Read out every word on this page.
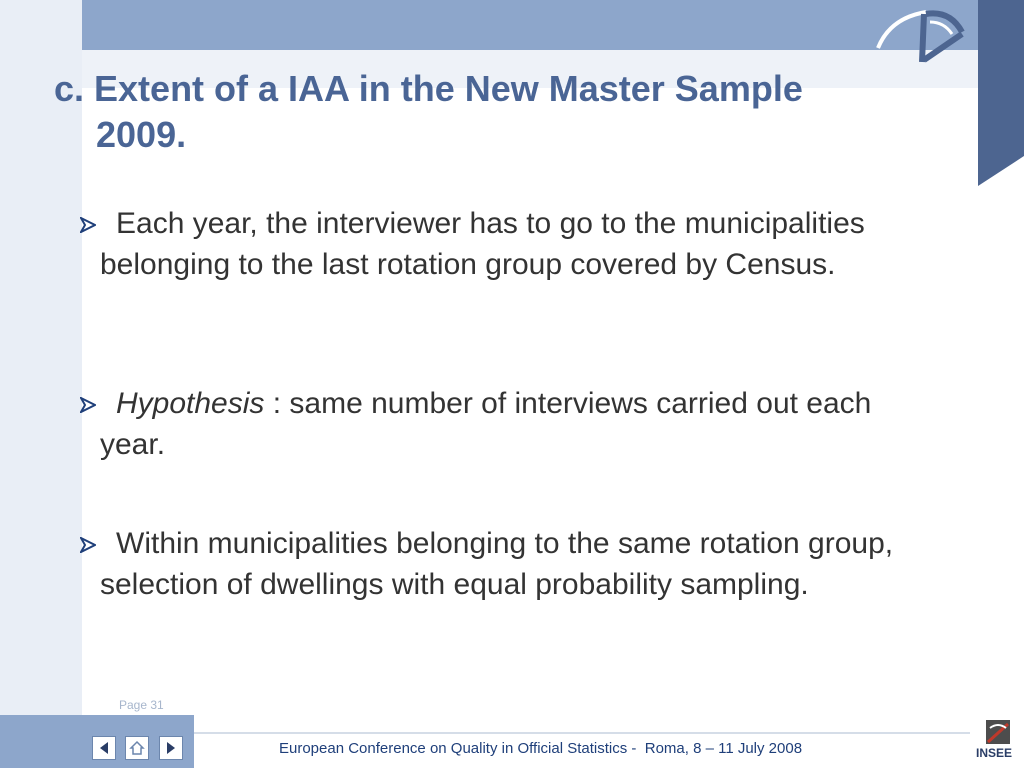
c. Extent of a IAA in the New Master Sample
2009.

Each year, the interviewer has to go to the municipalities belonging to the last rotation group covered by Census.

Hypothesis : same number of interviews carried out each year.

Within municipalities belonging to the same rotation group, selection of dwellings with equal probability sampling.

Page 31
European Conference on Quality in Official Statistics -  Roma, 8 – 11 July 2008	INSEE
